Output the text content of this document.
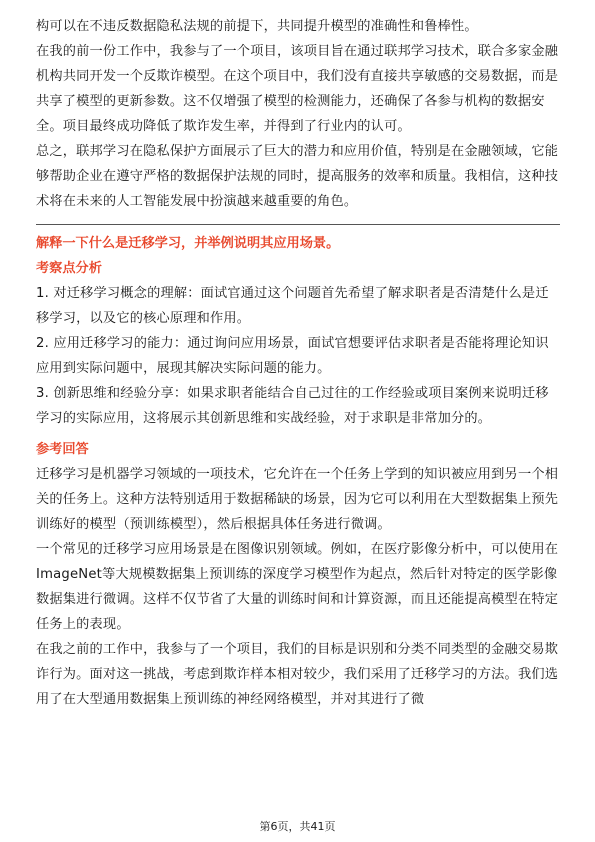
构可以在不违反数据隐私法规的前提下，共同提升模型的准确性和鲁棒性。

在我的前一份工作中，我参与了一个项目，该项目旨在通过联邦学习技术，联合多家金融机构共同开发一个反欺诈模型。在这个项目中，我们没有直接共享敏感的交易数据，而是共享了模型的更新参数。这不仅增强了模型的检测能力，还确保了各参与机构的数据安全。项目最终成功降低了欺诈发生率，并得到了行业内的认可。

总之，联邦学习在隐私保护方面展示了巨大的潜力和应用价值，特别是在金融领域，它能够帮助企业在遵守严格的数据保护法规的同时，提高服务的效率和质量。我相信，这种技术将在未来的人工智能发展中扮演越来越重要的角色。

解释一下什么是迁移学习，并举例说明其应用场景。

考察点分析

1. 对迁移学习概念的理解：面试官通过这个问题首先希望了解求职者是否清楚什么是迁移学习，以及它的核心原理和作用。

2. 应用迁移学习的能力：通过询问应用场景，面试官想要评估求职者是否能将理论知识应用到实际问题中，展现其解决实际问题的能力。

3. 创新思维和经验分享：如果求职者能结合自己过往的工作经验或项目案例来说明迁移学习的实际应用，这将展示其创新思维和实战经验，对于求职是非常加分的。

参考回答

迁移学习是机器学习领域的一项技术，它允许在一个任务上学到的知识被应用到另一个相关的任务上。这种方法特别适用于数据稀缺的场景，因为它可以利用在大型数据集上预先训练好的模型（预训练模型），然后根据具体任务进行微调。

一个常见的迁移学习应用场景是在图像识别领域。例如，在医疗影像分析中，可以使用在ImageNet等大规模数据集上预训练的深度学习模型作为起点，然后针对特定的医学影像数据集进行微调。这样不仅节省了大量的训练时间和计算资源，而且还能提高模型在特定任务上的表现。

在我之前的工作中，我参与了一个项目，我们的目标是识别和分类不同类型的金融交易欺诈行为。面对这一挑战，考虑到欺诈样本相对较少，我们采用了迁移学习的方法。我们选用了在大型通用数据集上预训练的神经网络模型，并对其进行了微

第6页，共41页
